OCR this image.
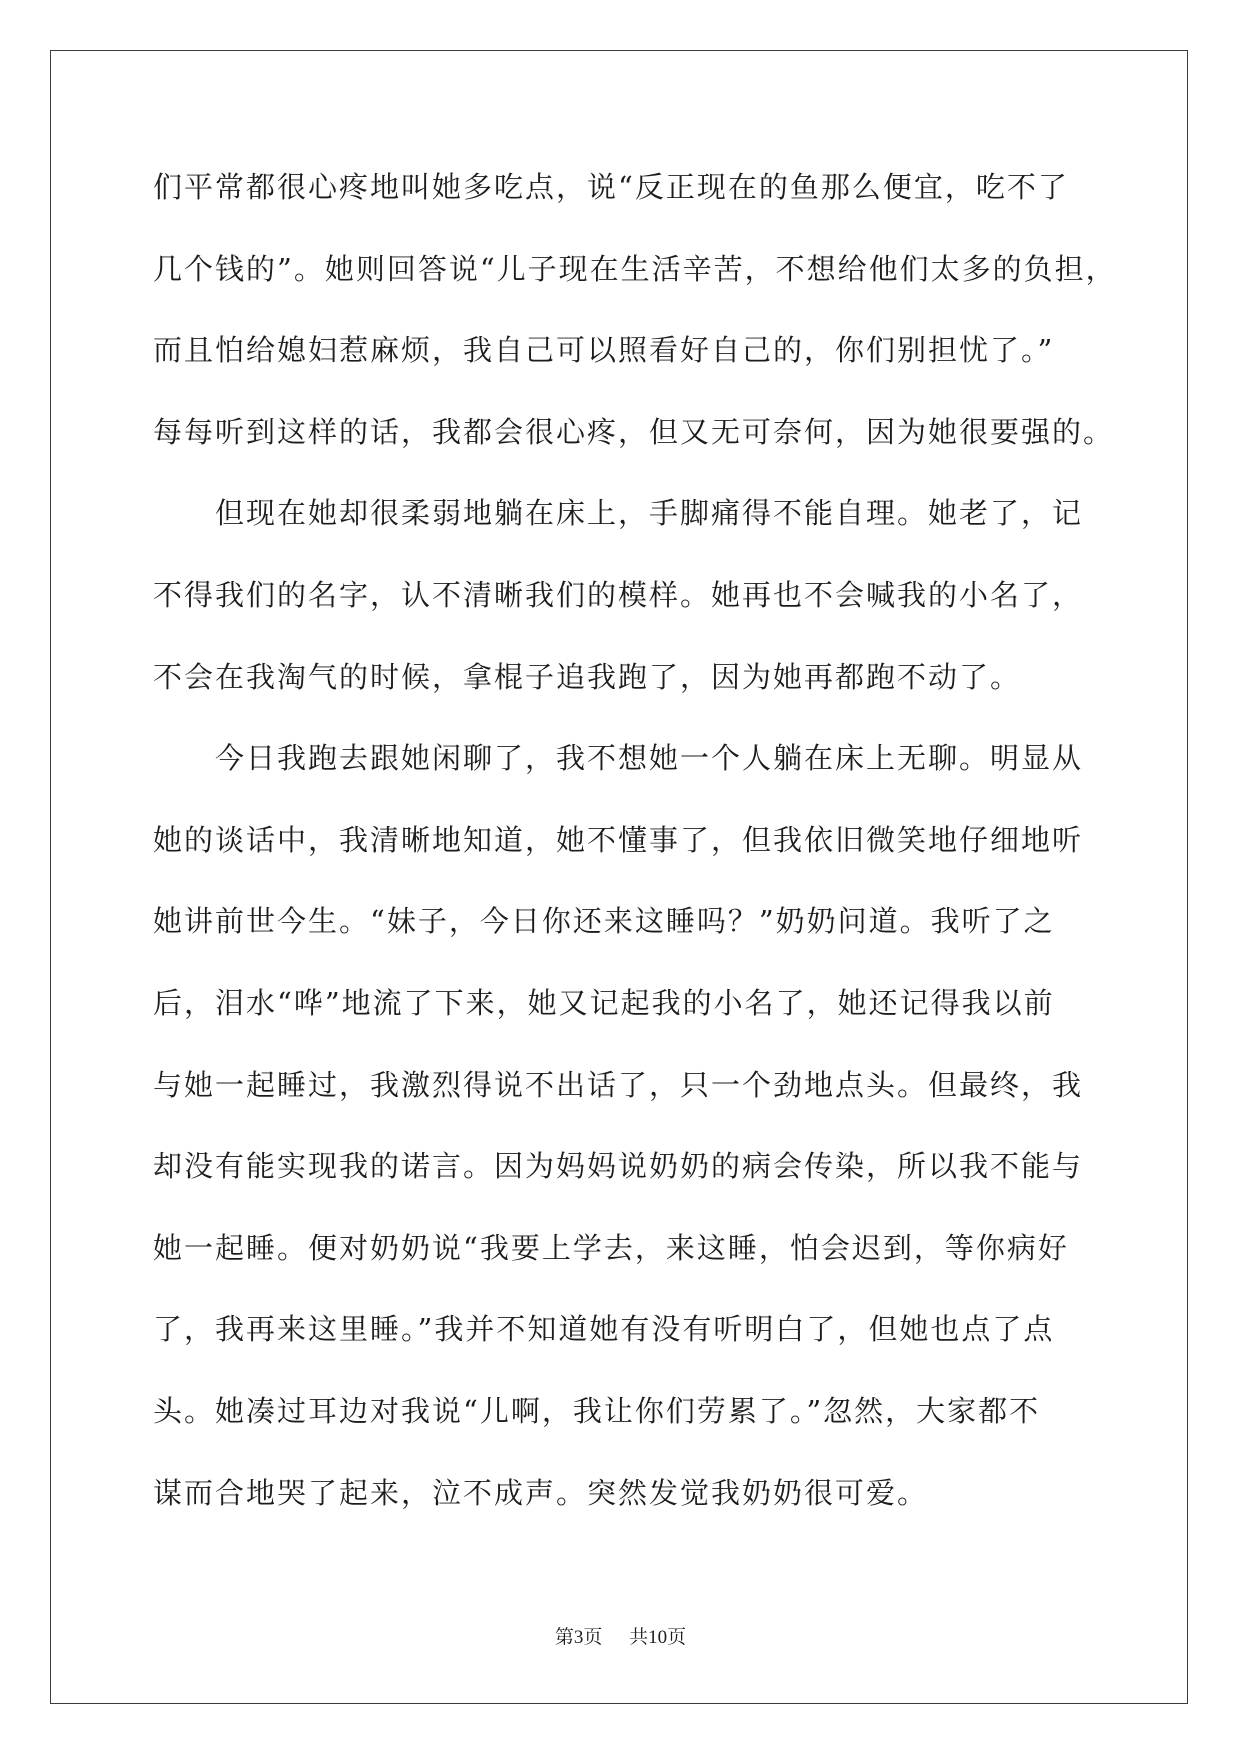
们平常都很心疼地叫她多吃点，说“反正现在的鱼那么便宜，吃不了
几个钱的”。她则回答说“儿子现在生活辛苦，不想给他们太多的负担，
而且怕给媳妇惹麻烦，我自己可以照看好自己的，你们别担忧了。”
每每听到这样的话，我都会很心疼，但又无可奈何，因为她很要强的。
但现在她却很柔弱地躺在床上，手脚痛得不能自理。她老了，记
不得我们的名字，认不清晰我们的模样。她再也不会喊我的小名了，
不会在我淘气的时候，拿棍子追我跑了，因为她再都跑不动了。
今日我跑去跟她闲聊了，我不想她一个人躺在床上无聊。明显从
她的谈话中，我清晰地知道，她不懂事了，但我依旧微笑地仔细地听
她讲前世今生。“妹子，今日你还来这睡吗？”奶奶问道。我听了之
后，泪水“哗”地流了下来，她又记起我的小名了，她还记得我以前
与她一起睡过，我激烈得说不出话了，只一个劲地点头。但最终，我
却没有能实现我的诺言。因为妈妈说奶奶的病会传染，所以我不能与
她一起睡。便对奶奶说“我要上学去，来这睡，怕会迟到，等你病好
了，我再来这里睡。”我并不知道她有没有听明白了，但她也点了点
头。她凑过耳边对我说“儿啊，我让你们劳累了。”忽然，大家都不
谋而合地哭了起来，泣不成声。突然发觉我奶奶很可爱。
第3页 共10页
